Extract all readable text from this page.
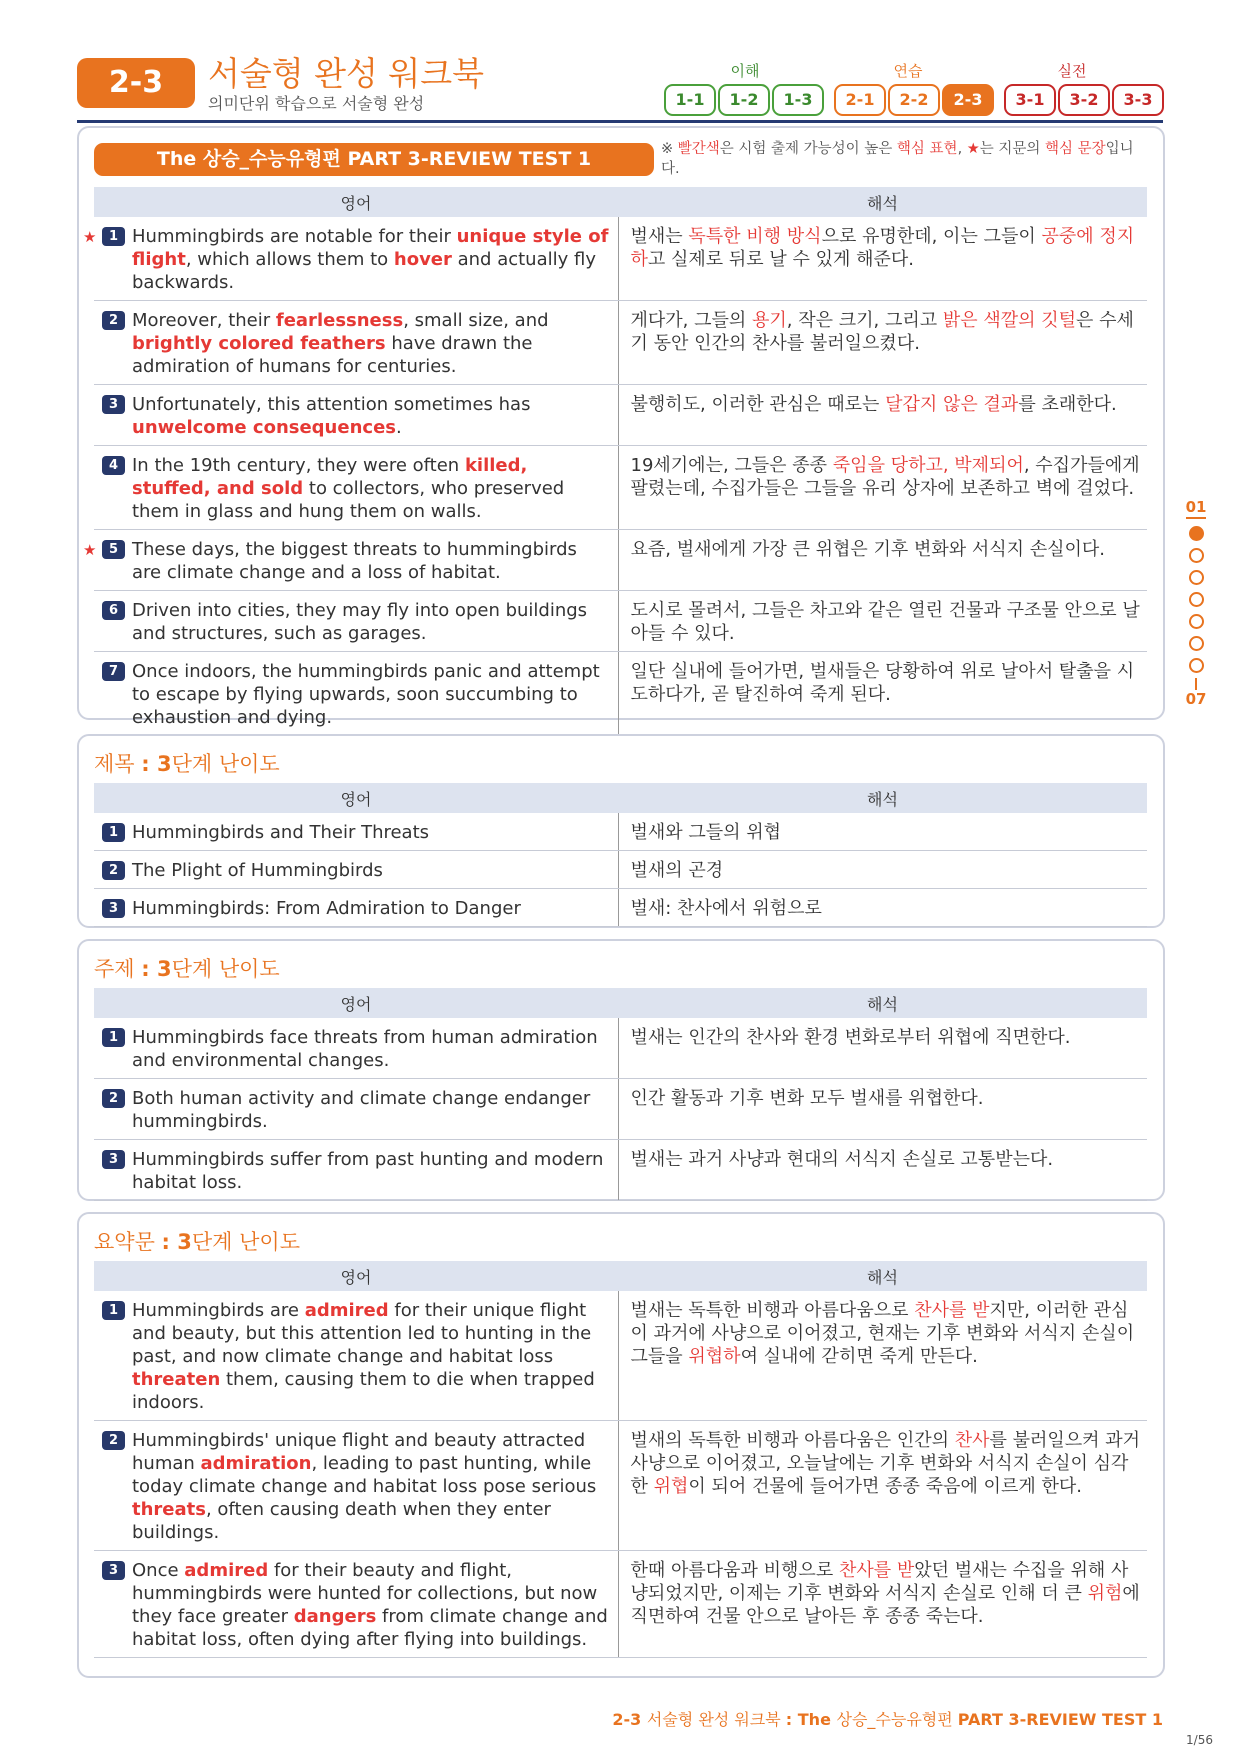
2-3	서술형 완성 워크북
의미단위 학습으로 서술형 완성
이해	연습	실전
1-1	1-2	1-3	2-1	2-2	2-3	3-1	3-2	3-3
The 상승_수능유형편 PART 3-REVIEW TEST 1	※ 빨간색은 시험 출제 가능성이 높은 핵심 표현, ★는 지문의 핵심 문장입니다.
영어	해석

★ 1 Hummingbirds are notable for their unique style of flight, which allows them to hover and actually fly backwards.	벌새는 독특한 비행 방식으로 유명한데, 이는 그들이 공중에 정지하고 실제로 뒤로 날 수 있게 해준다.

2 Moreover, their fearlessness, small size, and brightly colored feathers have drawn the admiration of humans for centuries.	게다가, 그들의 용기, 작은 크기, 그리고 밝은 색깔의 깃털은 수세기 동안 인간의 찬사를 불러일으켰다.

3 Unfortunately, this attention sometimes has unwelcome consequences.	불행히도, 이러한 관심은 때로는 달갑지 않은 결과를 초래한다.

4 In the 19th century, they were often killed, stuffed, and sold to collectors, who preserved them in glass and hung them on walls.	19세기에는, 그들은 종종 죽임을 당하고, 박제되어, 수집가들에게 팔렸는데, 수집가들은 그들을 유리 상자에 보존하고 벽에 걸었다.

★ 5 These days, the biggest threats to hummingbirds are climate change and a loss of habitat.	요즘, 벌새에게 가장 큰 위협은 기후 변화와 서식지 손실이다.

6 Driven into cities, they may fly into open buildings and structures, such as garages.	도시로 몰려서, 그들은 차고와 같은 열린 건물과 구조물 안으로 날아들 수 있다.

7 Once indoors, the hummingbirds panic and attempt to escape by flying upwards, soon succumbing to exhaustion and dying.	일단 실내에 들어가면, 벌새들은 당황하여 위로 날아서 탈출을 시도하다가, 곧 탈진하여 죽게 된다.
제목 : 3단계 난이도
영어	해석

1 Hummingbirds and Their Threats	벌새와 그들의 위협

2 The Plight of Hummingbirds	벌새의 곤경

3 Hummingbirds: From Admiration to Danger	벌새: 찬사에서 위험으로
주제 : 3단계 난이도
영어	해석

1 Hummingbirds face threats from human admiration and environmental changes.	벌새는 인간의 찬사와 환경 변화로부터 위협에 직면한다.

2 Both human activity and climate change endanger hummingbirds.	인간 활동과 기후 변화 모두 벌새를 위협한다.

3 Hummingbirds suffer from past hunting and modern habitat loss.	벌새는 과거 사냥과 현대의 서식지 손실로 고통받는다.
요약문 : 3단계 난이도
영어	해석

1 Hummingbirds are admired for their unique flight and beauty, but this attention led to hunting in the past, and now climate change and habitat loss threaten them, causing them to die when trapped indoors.	벌새는 독특한 비행과 아름다움으로 찬사를 받지만, 이러한 관심이 과거에 사냥으로 이어졌고, 현재는 기후 변화와 서식지 손실이 그들을 위협하여 실내에 갇히면 죽게 만든다.

2 Hummingbirds' unique flight and beauty attracted human admiration, leading to past hunting, while today climate change and habitat loss pose serious threats, often causing death when they enter buildings.	벌새의 독특한 비행과 아름다움은 인간의 찬사를 불러일으켜 과거 사냥으로 이어졌고, 오늘날에는 기후 변화와 서식지 손실이 심각한 위협이 되어 건물에 들어가면 종종 죽음에 이르게 한다.

3 Once admired for their beauty and flight, hummingbirds were hunted for collections, but now they face greater dangers from climate change and habitat loss, often dying after flying into buildings.	한때 아름다움과 비행으로 찬사를 받았던 벌새는 수집을 위해 사냥되었지만, 이제는 기후 변화와 서식지 손실로 인해 더 큰 위험에 직면하여 건물 안으로 날아든 후 종종 죽는다.
01
07
2-3 서술형 완성 워크북 : The 상승_수능유형편 PART 3-REVIEW TEST 1
1/56
